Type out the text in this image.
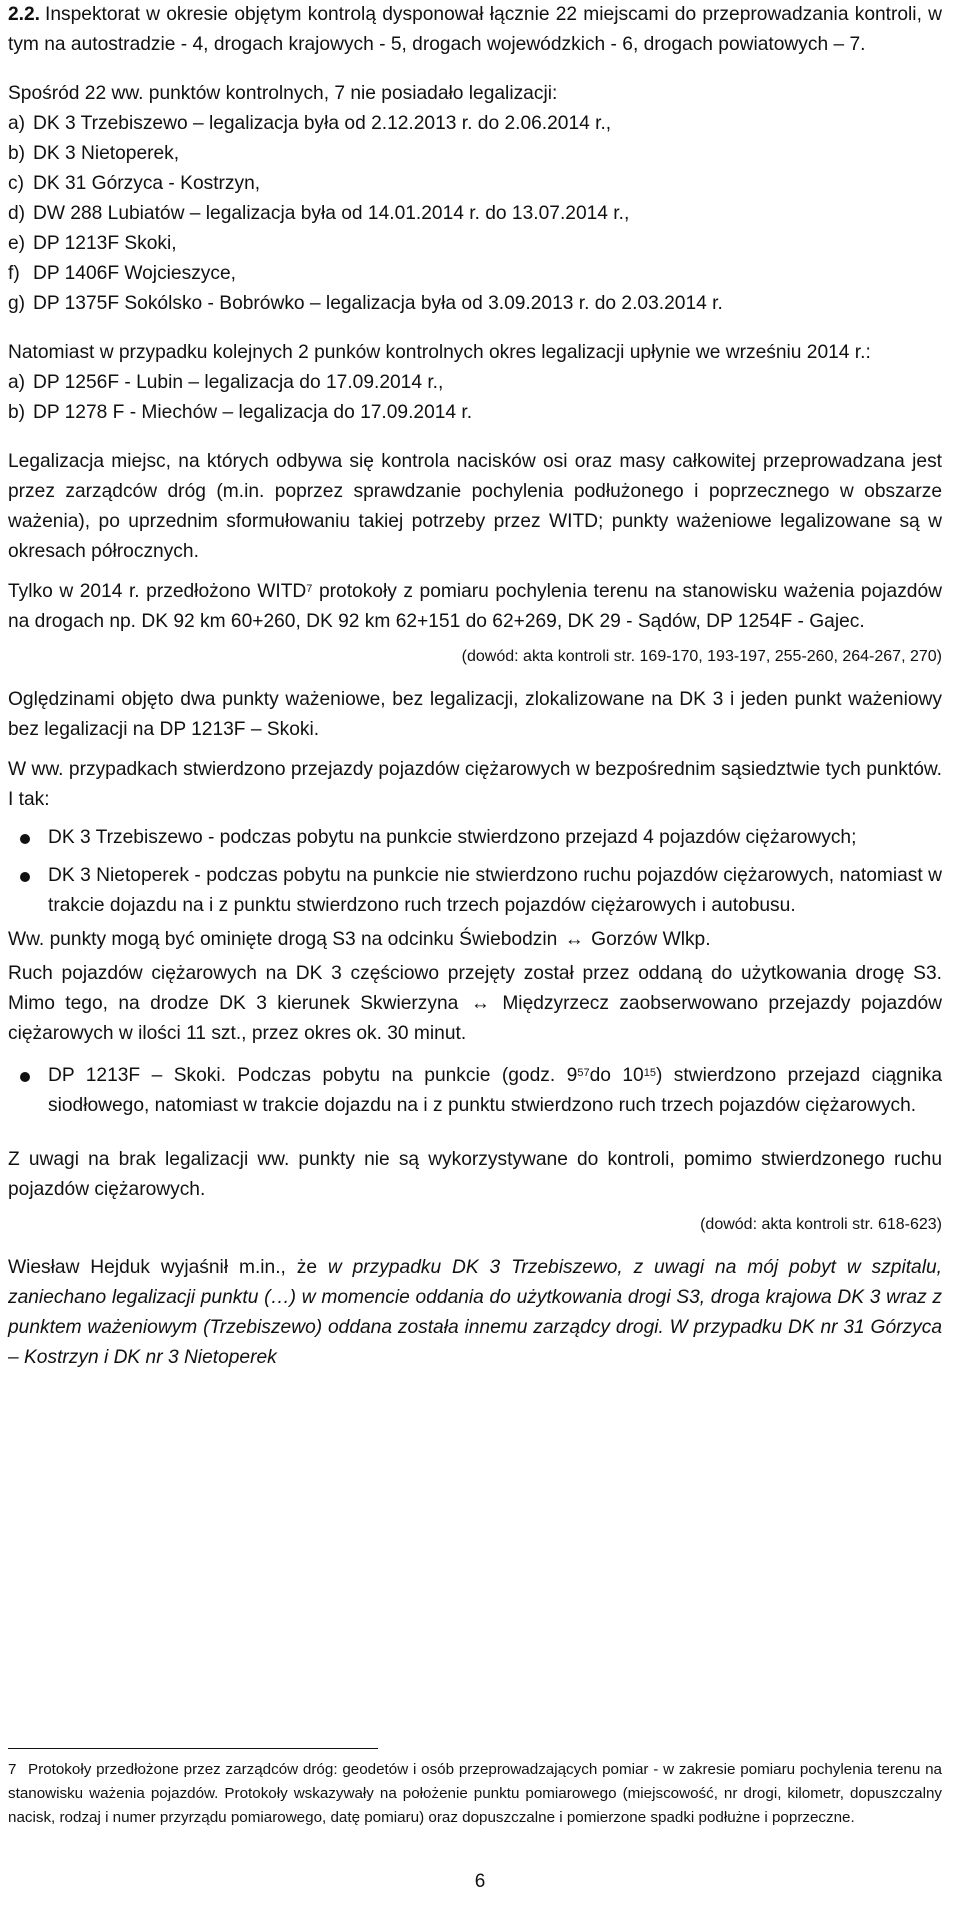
2.2. Inspektorat w okresie objętym kontrolą dysponował łącznie 22 miejscami do przeprowadzania kontroli, w tym na autostradzie - 4, drogach krajowych - 5, drogach wojewódzkich - 6, drogach powiatowych – 7.

Spośród 22 ww. punktów kontrolnych, 7 nie posiadało legalizacji:

a) DK 3 Trzebiszewo – legalizacja była od 2.12.2013 r. do 2.06.2014 r.,
b) DK 3 Nietoperek,
c) DK 31 Górzyca - Kostrzyn,
d) DW 288 Lubiatów – legalizacja była od 14.01.2014 r. do 13.07.2014 r.,
e) DP 1213F Skoki,
f) DP 1406F Wojcieszyce,
g) DP 1375F Sokólsko - Bobrówko – legalizacja była od 3.09.2013 r. do 2.03.2014 r.

Natomiast w przypadku kolejnych 2 punków kontrolnych okres legalizacji upłynie we wrześniu 2014 r.:

a) DP 1256F - Lubin – legalizacja do 17.09.2014 r.,
b) DP 1278 F - Miechów – legalizacja do 17.09.2014 r.

Legalizacja miejsc, na których odbywa się kontrola nacisków osi oraz masy całkowitej przeprowadzana jest przez zarządców dróg (m.in. poprzez sprawdzanie pochylenia podłużonego i poprzecznego w obszarze ważenia), po uprzednim sformułowaniu takiej potrzeby przez WITD; punkty ważeniowe legalizowane są w okresach półrocznych.

Tylko w 2014 r. przedłożono WITD$^7$ protokoły z pomiaru pochylenia terenu na stanowisku ważenia pojazdów na drogach np. DK 92 km 60+260, DK 92 km 62+151 do 62+269, DK 29 - Sądów, DP 1254F - Gajec.

(dowód: akta kontroli str. 169-170, 193-197, 255-260, 264-267, 270)

Oględzinami objęto dwa punkty ważeniowe, bez legalizacji, zlokalizowane na DK 3 i jeden punkt ważeniowy bez legalizacji na DP 1213F – Skoki.

W ww. przypadkach stwierdzono przejazdy pojazdów ciężarowych w bezpośrednim sąsiedztwie tych punktów. I tak:

DK 3 Trzebiszewo - podczas pobytu na punkcie stwierdzono przejazd 4 pojazdów ciężarowych;

DK 3 Nietoperek - podczas pobytu na punkcie nie stwierdzono ruchu pojazdów ciężarowych, natomiast w trakcie dojazdu na i z punktu stwierdzono ruch trzech pojazdów ciężarowych i autobusu.

Ww. punkty mogą być ominięte drogą S3 na odcinku Świebodzin ↔ Gorzów Wlkp.

Ruch pojazdów ciężarowych na DK 3 częściowo przejęty został przez oddaną do użytkowania drogę S3. Mimo tego, na drodze DK 3 kierunek Skwierzyna ↔ Międzyrzecz zaobserwowano przejazdy pojazdów ciężarowych w ilości 11 szt., przez okres ok. 30 minut.

DP 1213F – Skoki. Podczas pobytu na punkcie (godz. $9^{57}do$ $10^{15}$) stwierdzono przejazd ciągnika siodłowego, natomiast w trakcie dojazdu na i z punktu stwierdzono ruch trzech pojazdów ciężarowych.

Z uwagi na brak legalizacji ww. punkty nie są wykorzystywane do kontroli, pomimo stwierdzonego ruchu pojazdów ciężarowych.

(dowód: akta kontroli str. 618-623)

Wiesław Hejduk wyjaśnił m.in., że w przypadku DK 3 Trzebiszewo, z uwagi na mój pobyt w szpitalu, zaniechano legalizacji punktu (…) w momencie oddania do użytkowania drogi S3, droga krajowa DK 3 wraz z punktem ważeniowym (Trzebiszewo) oddana została innemu zarządcy drogi. W przypadku DK nr 31 Górzyca – Kostrzyn i DK nr 3 Nietoperek

7 Protokoły przedłożone przez zarządców dróg: geodetów i osób przeprowadzających pomiar - w zakresie pomiaru pochylenia terenu na stanowisku ważenia pojazdów. Protokoły wskazywały na położenie punktu pomiarowego (miejscowość, nr drogi, kilometr, dopuszczalny nacisk, rodzaj i numer przyrządu pomiarowego, datę pomiaru) oraz dopuszczalne i pomierzone spadki podłużne i poprzeczne.
6
